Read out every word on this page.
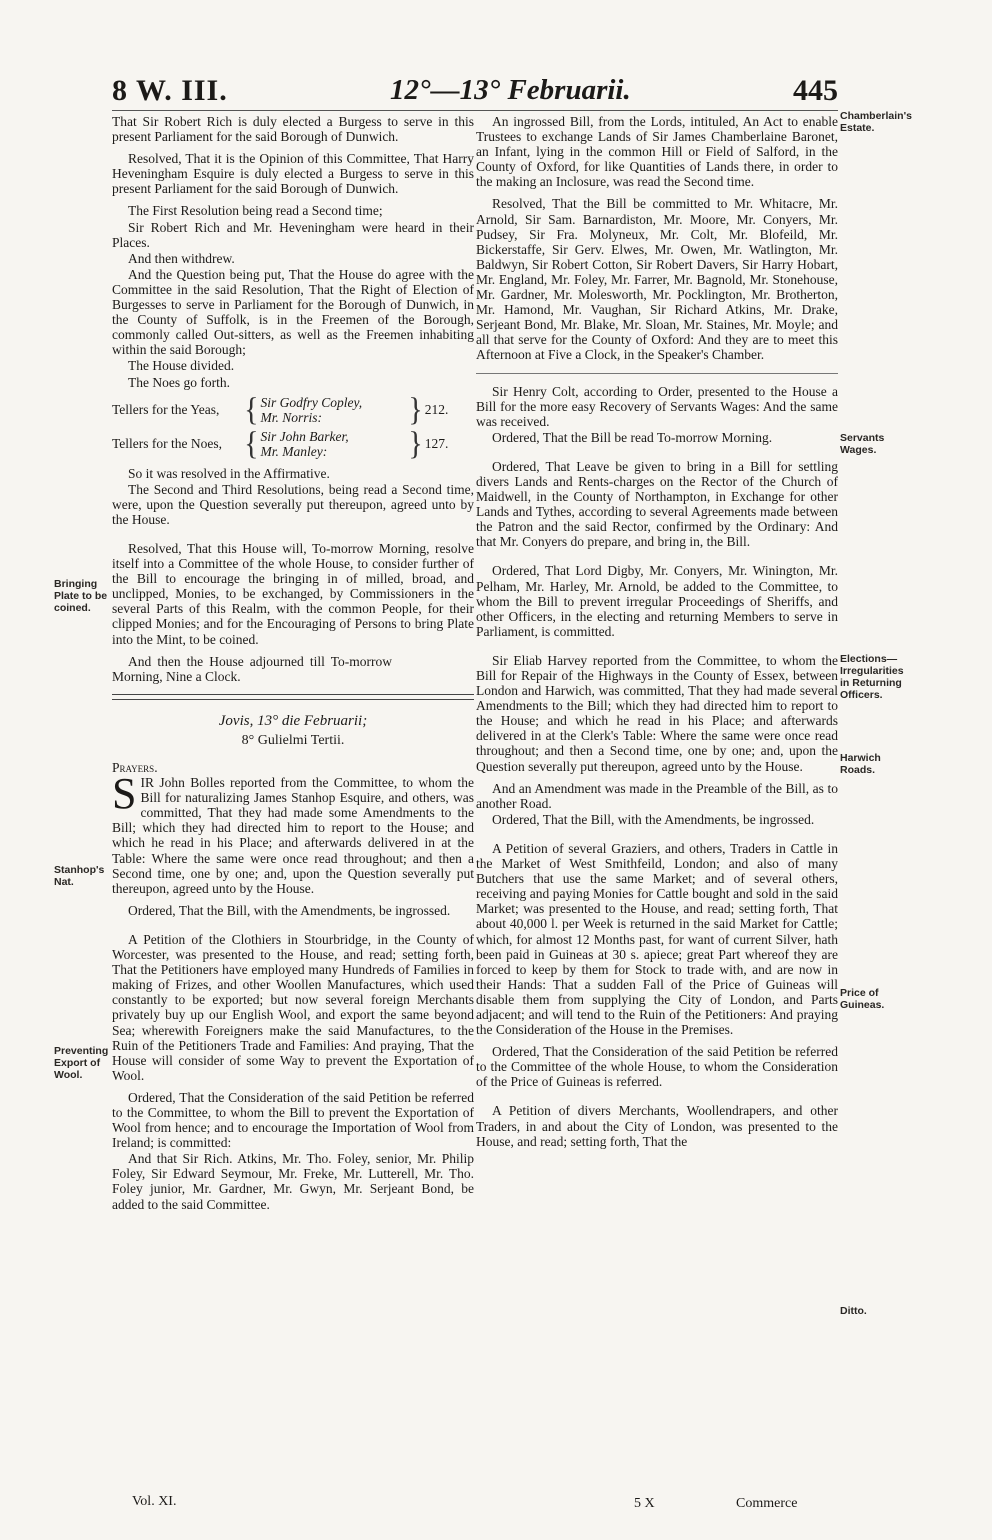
8 W. III.	12°—13° Februarii.	445

That Sir Robert Rich is duly elected a Burgess to serve in this present Parliament for the said Borough of Dunwich.

Resolved, That it is the Opinion of this Committee, That Harry Heveningham Esquire is duly elected a Burgess to serve in this present Parliament for the said Borough of Dunwich.

The First Resolution being read a Second time;

Sir Robert Rich and Mr. Heveningham were heard in their Places.

And then withdrew.

And the Question being put, That the House do agree with the Committee in the said Resolution, That the Right of Election of Burgesses to serve in Parliament for the Borough of Dunwich, in the County of Suffolk, is in the Freemen of the Borough, commonly called Out-sitters, as well as the Freemen inhabiting within the said Borough;

The House divided.

The Noes go forth.

Tellers for the Yeas, { Sir Godfry Copley,
Mr. Norris:	} 212.
Tellers for the Noes, { Sir John Barker,
Mr. Manley:	} 127.

So it was resolved in the Affirmative.

The Second and Third Resolutions, being read a Second time, were, upon the Question severally put thereupon, agreed unto by the House.

Resolved, That this House will, To-morrow Morning, resolve itself into a Committee of the whole House, to consider further of the Bill to encourage the bringing in of milled, broad, and unclipped, Monies, to be exchanged, by Commissioners in the several Parts of this Realm, with the common People, for their clipped Monies; and for the Encouraging of Persons to bring Plate into the Mint, to be coined.

And then the House adjourned till To-morrow Morning, Nine a Clock.

Jovis, 13° die Februarii;
8° Gulielmi Tertii.

Prayers.

SIR John Bolles reported from the Committee, to whom the Bill for naturalizing James Stanhop Esquire, and others, was committed, That they had made some Amendments to the Bill; which they had directed him to report to the House; and which he read in his Place; and afterwards delivered in at the Table: Where the same were once read throughout; and then a Second time, one by one; and, upon the Question severally put thereupon, agreed unto by the House.

Ordered, That the Bill, with the Amendments, be ingrossed.

A Petition of the Clothiers in Stourbridge, in the County of Worcester, was presented to the House, and read; setting forth, That the Petitioners have employed many Hundreds of Families in making of Frizes, and other Woollen Manufactures, which used constantly to be exported; but now several foreign Merchants privately buy up our English Wool, and export the same beyond Sea; wherewith Foreigners make the said Manufactures, to the Ruin of the Petitioners Trade and Families: And praying, That the House will consider of some Way to prevent the Exportation of Wool.

Ordered, That the Consideration of the said Petition be referred to the Committee, to whom the Bill to prevent the Exportation of Wool from hence; and to encourage the Importation of Wool from Ireland; is committed:

And that Sir Rich. Atkins, Mr. Tho. Foley, senior, Mr. Philip Foley, Sir Edward Seymour, Mr. Freke, Mr. Lutterell, Mr. Tho. Foley junior, Mr. Gardner, Mr. Gwyn, Mr. Serjeant Bond, be added to the said Committee.

An ingrossed Bill, from the Lords, intituled, An Act to enable Trustees to exchange Lands of Sir James Chamberlaine Baronet, an Infant, lying in the common Hill or Field of Salford, in the County of Oxford, for like Quantities of Lands there, in order to the making an Inclosure, was read the Second time.

Resolved, That the Bill be committed to Mr. Whitacre, Mr. Arnold, Sir Sam. Barnardiston, Mr. Moore, Mr. Conyers, Mr. Pudsey, Sir Fra. Molyneux, Mr. Colt, Mr. Blofeild, Mr. Bickerstaffe, Sir Gerv. Elwes, Mr. Owen, Mr. Watlington, Mr. Baldwyn, Sir Robert Cotton, Sir Robert Davers, Sir Harry Hobart, Mr. England, Mr. Foley, Mr. Farrer, Mr. Bagnold, Mr. Stonehouse, Mr. Gardner, Mr. Molesworth, Mr. Pocklington, Mr. Brotherton, Mr. Hamond, Mr. Vaughan, Sir Richard Atkins, Mr. Drake, Serjeant Bond, Mr. Blake, Mr. Sloan, Mr. Staines, Mr. Moyle; and all that serve for the County of Oxford: And they are to meet this Afternoon at Five a Clock, in the Speaker's Chamber.

Sir Henry Colt, according to Order, presented to the House a Bill for the more easy Recovery of Servants Wages: And the same was received.

Ordered, That the Bill be read To-morrow Morning.

Ordered, That Leave be given to bring in a Bill for settling divers Lands and Rents-charges on the Rector of the Church of Maidwell, in the County of Northampton, in Exchange for other Lands and Tythes, according to several Agreements made between the Patron and the said Rector, confirmed by the Ordinary: And that Mr. Conyers do prepare, and bring in, the Bill.

Ordered, That Lord Digby, Mr. Conyers, Mr. Winington, Mr. Pelham, Mr. Harley, Mr. Arnold, be added to the Committee, to whom the Bill to prevent irregular Proceedings of Sheriffs, and other Officers, in the electing and returning Members to serve in Parliament, is committed.

Sir Eliab Harvey reported from the Committee, to whom the Bill for Repair of the Highways in the County of Essex, between London and Harwich, was committed, That they had made several Amendments to the Bill; which they had directed him to report to the House; and which he read in his Place; and afterwards delivered in at the Clerk's Table: Where the same were once read throughout; and then a Second time, one by one; and, upon the Question severally put thereupon, agreed unto by the House.

And an Amendment was made in the Preamble of the Bill, as to another Road.

Ordered, That the Bill, with the Amendments, be ingrossed.

A Petition of several Graziers, and others, Traders in Cattle in the Market of West Smithfeild, London; and also of many Butchers that use the same Market; and of several others, receiving and paying Monies for Cattle bought and sold in the said Market; was presented to the House, and read; setting forth, That about 40,000 l. per Week is returned in the said Market for Cattle; which, for almost 12 Months past, for want of current Silver, hath been paid in Guineas at 30 s. apiece; great Part whereof they are forced to keep by them for Stock to trade with, and are now in their Hands: That a sudden Fall of the Price of Guineas will disable them from supplying the City of London, and Parts adjacent; and will tend to the Ruin of the Petitioners: And praying the Consideration of the House in the Premises.

Ordered, That the Consideration of the said Petition be referred to the Committee of the whole House, to whom the Consideration of the Price of Guineas is referred.

A Petition of divers Merchants, Woollendrapers, and other Traders, in and about the City of London, was presented to the House, and read; setting forth, That the

Bringing Plate to be coined.
Stanhop's Nat.
Preventing Export of Wool.
Chamberlain's Estate.
Servants Wages.
Elections—Irregularities in Returning Officers.
Harwich Roads.
Price of Guineas.
Ditto.
Vol. XI.	5 X	Commerce
